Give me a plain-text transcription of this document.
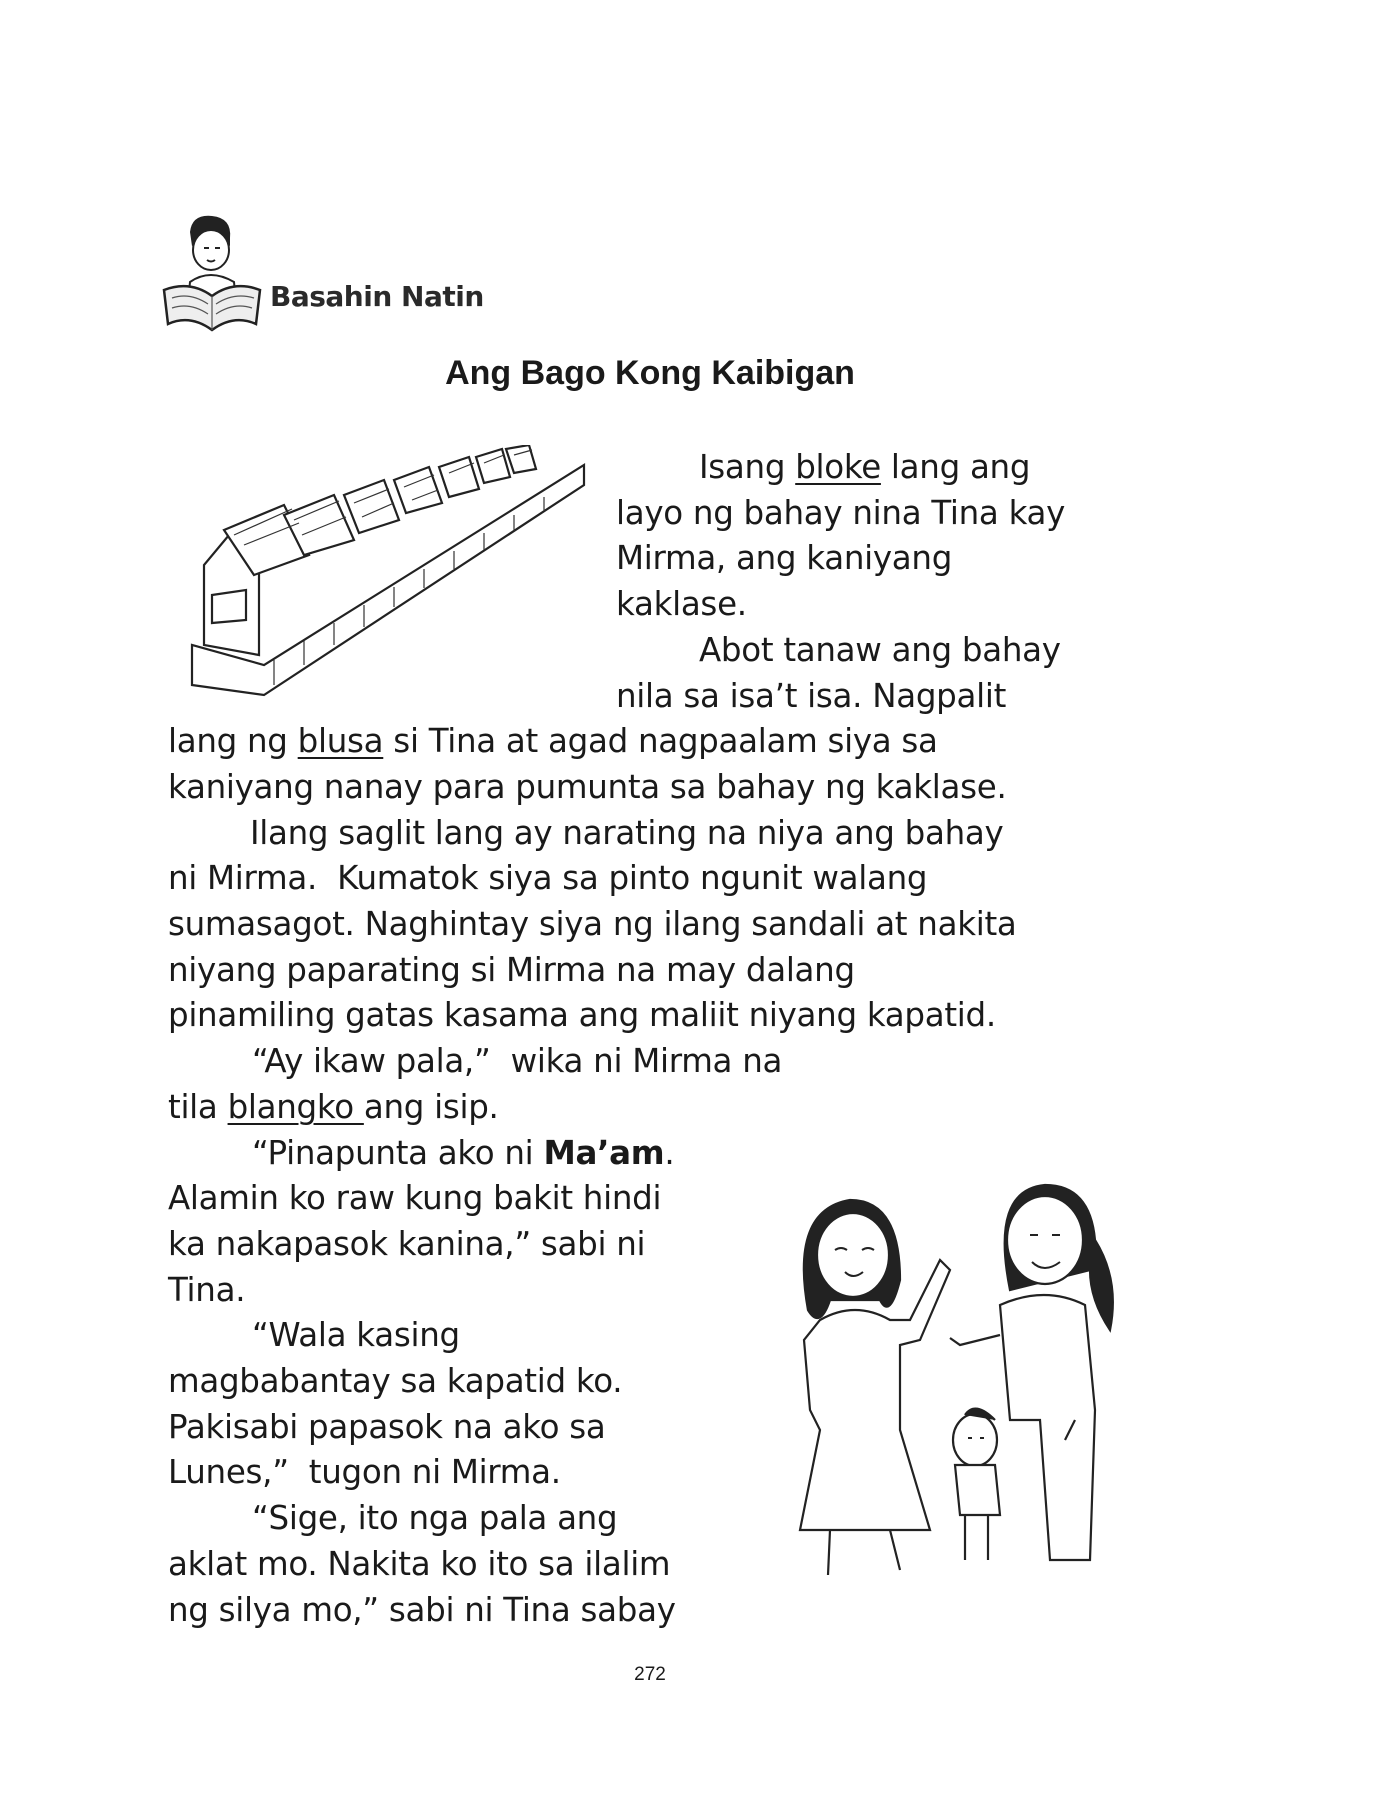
Basahin Natin
Ang Bago Kong Kaibigan
Isang bloke lang ang
layo ng bahay nina Tina kay
Mirma, ang kaniyang
kaklase.
Abot tanaw ang bahay
nila sa isa’t isa. Nagpalit
lang ng blusa si Tina at agad nagpaalam siya sa
kaniyang nanay para pumunta sa bahay ng kaklase.
Ilang saglit lang ay narating na niya ang bahay
ni Mirma.  Kumatok siya sa pinto ngunit walang
sumasagot. Naghintay siya ng ilang sandali at nakita
niyang paparating si Mirma na may dalang
pinamiling gatas kasama ang maliit niyang kapatid.
“Ay ikaw pala,”  wika ni Mirma na
tila blangko ang isip.
“Pinapunta ako ni Ma’am.
Alamin ko raw kung bakit hindi
ka nakapasok kanina,” sabi ni
Tina.
“Wala kasing
magbabantay sa kapatid ko.
Pakisabi papasok na ako sa
Lunes,”  tugon ni Mirma.
“Sige, ito nga pala ang
aklat mo. Nakita ko ito sa ilalim
ng silya mo,” sabi ni Tina sabay
272
